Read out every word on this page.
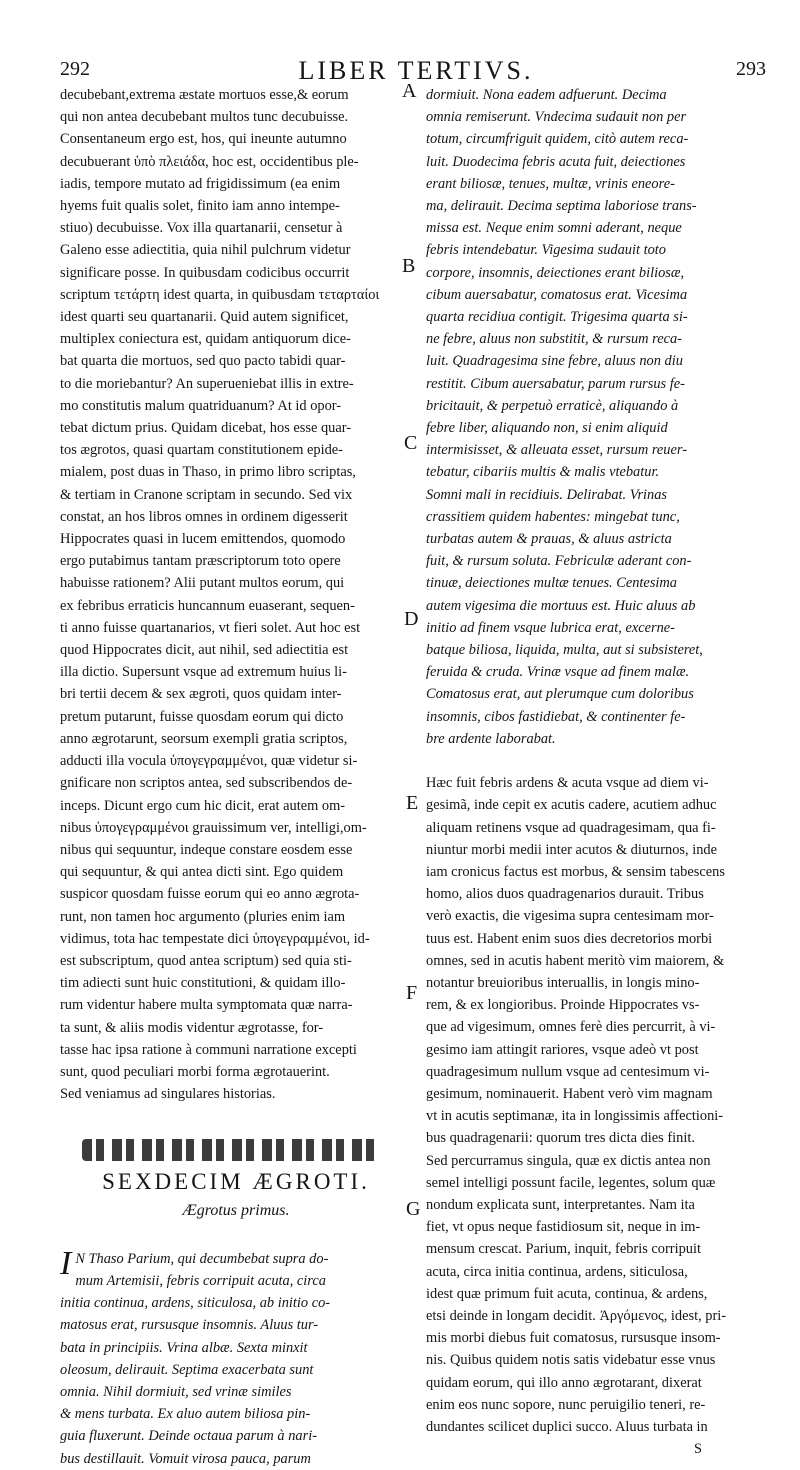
292	LIBER TERTIVS.	293
decubebant,extrema æstate mortuos esse,& eorum
qui non antea decubebant multos tunc decubuisse.
Consentaneum ergo est, hos, qui ineunte autumno
decubuerant ὑπὸ πλειάδα, hoc est, occidentibus ple-
iadis, tempore mutato ad frigidissimum (ea enim
hyems fuit qualis solet, finito iam anno intempe-
stiuo) decubuisse. Vox illa quartanarii, censetur à
Galeno esse adiectitia, quia nihil pulchrum videtur
significare posse. In quibusdam codicibus occurrit
scriptum τετάρτη idest quarta, in quibusdam τεταρταίοι
idest quarti seu quartanarii. Quid autem significet,
multiplex coniectura est, quidam antiquorum dice-
bat quarta die mortuos, sed quo pacto tabidi quar-
to die moriebantur? An superueniebat illis in extre-
mo constitutis malum quatriduanum? At id opor-
tebat dictum prius. Quidam dicebat, hos esse quar-
tos ægrotos, quasi quartam constitutionem epide-
mialem, post duas in Thaso, in primo libro scriptas,
& tertiam in Cranone scriptam in secundo. Sed vix
constat, an hos libros omnes in ordinem digesserit
Hippocrates quasi in lucem emittendos, quomodo
ergo putabimus tantam præscriptorum toto opere
habuisse rationem? Alii putant multos eorum, qui
ex febribus erraticis huncannum euaserant, sequen-
ti anno fuisse quartanarios, vt fieri solet. Aut hoc est
quod Hippocrates dicit, aut nihil, sed adiectitia est
illa dictio. Supersunt vsque ad extremum huius li-
bri tertii decem & sex ægroti, quos quidam inter-
pretum putarunt, fuisse quosdam eorum qui dicto
anno ægrotarunt, seorsum exempli gratia scriptos,
adducti illa vocula ὑπογεγραμμένοι, quæ videtur si-
gnificare non scriptos antea, sed subscribendos de-
inceps. Dicunt ergo cum hic dicit, erat autem om-
nibus ὑπογεγραμμένοι grauissimum ver, intelligi,om-
nibus qui sequuntur, indeque constare eosdem esse
qui sequuntur, & qui antea dicti sint. Ego quidem
suspicor quosdam fuisse eorum qui eo anno ægrota-
runt, non tamen hoc argumento (pluries enim iam
vidimus, tota hac tempestate dici ὑπογεγραμμένοι, id-
est subscriptum, quod antea scriptum) sed quia sti-
tim adiecti sunt huic constitutioni, & quidam illo-
rum videntur habere multa symptomata quæ narra-
ta sunt, & aliis modis videntur ægrotasse, for-
tasse hac ipsa ratione à communi narratione excepti
sunt, quod peculiari morbi forma ægrotauerint.
Sed veniamus ad singulares historias.
SEXDECIM ÆGROTI.
Ægrotus primus.
I N Thaso Parium, qui decumbebat supra do-
mum Artemisii, febris corripuit acuta, circa
initia continua, ardens, siticulosa, ab initio co-
matosus erat, rursusque insomnis. Aluus tur-
bata in principiis. Vrina albæ. Sexta minxit
oleosum, delirauit. Septima exacerbata sunt
omnia. Nihil dormiuit, sed vrinæ similes
& mens turbata. Ex aluo autem biliosa pin-
guia fluxerunt. Deinde octaua parum à nari-
bus destillauit. Vomuit virosa pauca, parum
dormiuit. Nona eadem adfuerunt. Decima
omnia remiserunt. Vndecima sudauit non per
totum, circumfriguit quidem, citò autem reca-
luit. Duodecima febris acuta fuit, deiectiones
erant biliosæ, tenues, multæ, vrinis eneore-
ma, delirauit. Decima septima laboriose trans-
missa est. Neque enim somni aderant, neque
febris intendebatur. Vigesima sudauit toto
corpore, insomnis, deiectiones erant biliosæ,
cibum auersabatur, comatosus erat. Vicesima
quarta recidiua contigit. Trigesima quarta si-
ne febre, aluus non substitit, & rursum reca-
luit. Quadragesima sine febre, aluus non diu
restitit. Cibum auersabatur, parum rursus fe-
bricitauit, & perpetuò erraticè, aliquando à
febre liber, aliquando non, si enim aliquid
intermisisset, & alleuata esset, rursum reuer-
tebatur, cibariis multis & malis vtebatur.
Somni mali in recidiuis. Delirabat. Vrinas
crassitiem quidem habentes: mingebat tunc,
turbatas autem & prauas, & aluus astricta
fuit, & rursum soluta. Febriculæ aderant con-
tinuæ, deiectiones multæ tenues. Centesima
autem vigesima die mortuus est. Huic aluus ab
initio ad finem vsque lubrica erat, excerne-
batque biliosa, liquida, multa, aut si subsisteret,
feruida & cruda. Vrinæ vsque ad finem malæ.
Comatosus erat, aut plerumque cum doloribus
insomnis, cibos fastidiebat, & continenter fe-
bre ardente laborabat.
Hæc fuit febris ardens & acuta vsque ad diem vi-
gesimã, inde cepit ex acutis cadere, acutiem adhuc
aliquam retinens vsque ad quadragesimam, qua fi-
niuntur morbi medii inter acutos & diuturnos, inde
iam cronicus factus est morbus, & sensim tabescens
homo, alios duos quadragenarios durauit. Tribus
verò exactis, die vigesima supra centesimam mor-
tuus est. Habent enim suos dies decretorios morbi
omnes, sed in acutis habent meritò vim maiorem, &
notantur breuioribus interuallis, in longis mino-
rem, & ex longioribus. Proinde Hippocrates vs-
que ad vigesimum, omnes ferè dies percurrit, à vi-
gesimo iam attingit rariores, vsque adeò vt post
quadragesimum nullum vsque ad centesimum vi-
gesimum, nominauerit. Habent verò vim magnam
vt in acutis septimanæ, ita in longissimis affectioni-
bus quadragenarii: quorum tres dicta dies finit.
Sed percurramus singula, quæ ex dictis antea non
semel intelligi possunt facile, legentes, solum quæ
nondum explicata sunt, interpretantes. Nam ita
fiet, vt opus neque fastidiosum sit, neque in im-
mensum crescat. Parium, inquit, febris corripuit
acuta, circa initia continua, ardens, siticulosa,
idest quæ primum fuit acuta, continua, & ardens,
etsi deinde in longam decidit. Ἀργόμενος, idest, pri-
mis morbi diebus fuit comatosus, rursusque insom-
nis. Quibus quidem notis satis videbatur esse vnus
quidam eorum, qui illo anno ægrotarant, dixerat
enim eos nunc sopore, nunc peruigilio teneri, re-
dundantes scilicet duplici succo. Aluus turbata in
S
A
B
C
D
E
F
G
